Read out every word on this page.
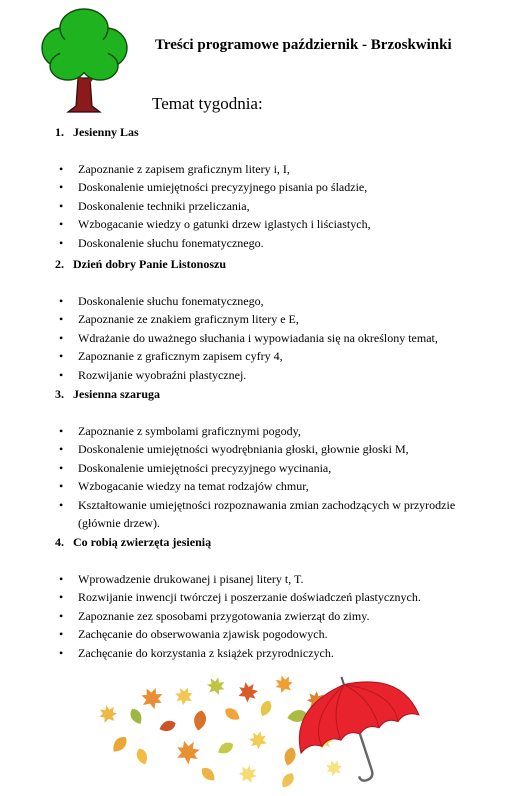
Treści programowe październik - Brzoskwinki
Temat tygodnia:
1. Jesienny Las
• Zapoznanie z zapisem graficznym litery i, I,
• Doskonalenie umiejętności precyzyjnego pisania po śladzie,
• Doskonalenie techniki przeliczania,
• Wzbogacanie wiedzy o gatunki drzew iglastych i liściastych,
• Doskonalenie słuchu fonematycznego.
2. Dzień dobry Panie Listonoszu
• Doskonalenie słuchu fonematycznego,
• Zapoznanie ze znakiem graficznym litery e E,
• Wdrażanie do uważnego słuchania i wypowiadania się na określony temat,
• Zapoznanie z graficznym zapisem cyfry 4,
• Rozwijanie wyobraźni plastycznej.
3. Jesienna szaruga
• Zapoznanie z symbolami graficznymi pogody,
• Doskonalenie umiejętności wyodrębniania głoski, głownie głoski M,
• Doskonalenie umiejętności precyzyjnego wycinania,
• Wzbogacanie wiedzy na temat rodzajów chmur,
• Kształtowanie umiejętności rozpoznawania zmian zachodzących w przyrodzie (głównie drzew).
4. Co robią zwierzęta jesienią
• Wprowadzenie drukowanej i pisanej litery t, T.
• Rozwijanie inwencji twórczej i poszerzanie doświadczeń plastycznych.
• Zapoznanie zez sposobami przygotowania zwierząt do zimy.
• Zachęcanie do obserwowania zjawisk pogodowych.
• Zachęcanie do korzystania z książek przyrodniczych.
